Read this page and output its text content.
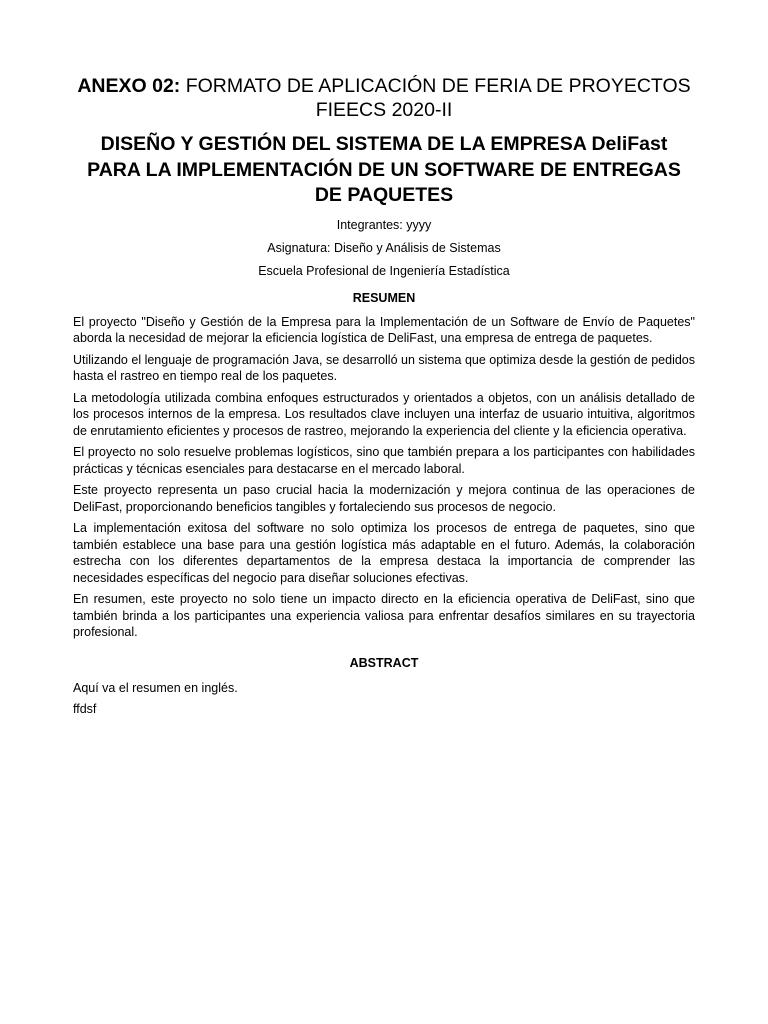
ANEXO 02: FORMATO DE APLICACIÓN DE FERIA DE PROYECTOS FIEECS 2020-II
DISEÑO Y GESTIÓN DEL SISTEMA DE LA EMPRESA DeliFast PARA LA IMPLEMENTACIÓN DE UN SOFTWARE DE ENTREGAS DE PAQUETES

Integrantes: yyyy

Asignatura: Diseño y Análisis de Sistemas

Escuela Profesional de Ingeniería Estadística

RESUMEN

El proyecto "Diseño y Gestión de la Empresa para la Implementación de un Software de Envío de Paquetes" aborda la necesidad de mejorar la eficiencia logística de DeliFast, una empresa de entrega de paquetes.

Utilizando el lenguaje de programación Java, se desarrolló un sistema que optimiza desde la gestión de pedidos hasta el rastreo en tiempo real de los paquetes.

La metodología utilizada combina enfoques estructurados y orientados a objetos, con un análisis detallado de los procesos internos de la empresa. Los resultados clave incluyen una interfaz de usuario intuitiva, algoritmos de enrutamiento eficientes y procesos de rastreo, mejorando la experiencia del cliente y la eficiencia operativa.

El proyecto no solo resuelve problemas logísticos, sino que también prepara a los participantes con habilidades prácticas y técnicas esenciales para destacarse en el mercado laboral.

Este proyecto representa un paso crucial hacia la modernización y mejora continua de las operaciones de DeliFast, proporcionando beneficios tangibles y fortaleciendo sus procesos de negocio.

La implementación exitosa del software no solo optimiza los procesos de entrega de paquetes, sino que también establece una base para una gestión logística más adaptable en el futuro. Además, la colaboración estrecha con los diferentes departamentos de la empresa destaca la importancia de comprender las necesidades específicas del negocio para diseñar soluciones efectivas.

En resumen, este proyecto no solo tiene un impacto directo en la eficiencia operativa de DeliFast, sino que también brinda a los participantes una experiencia valiosa para enfrentar desafíos similares en su trayectoria profesional.

ABSTRACT

Aquí va el resumen en inglés.

ffdsf
